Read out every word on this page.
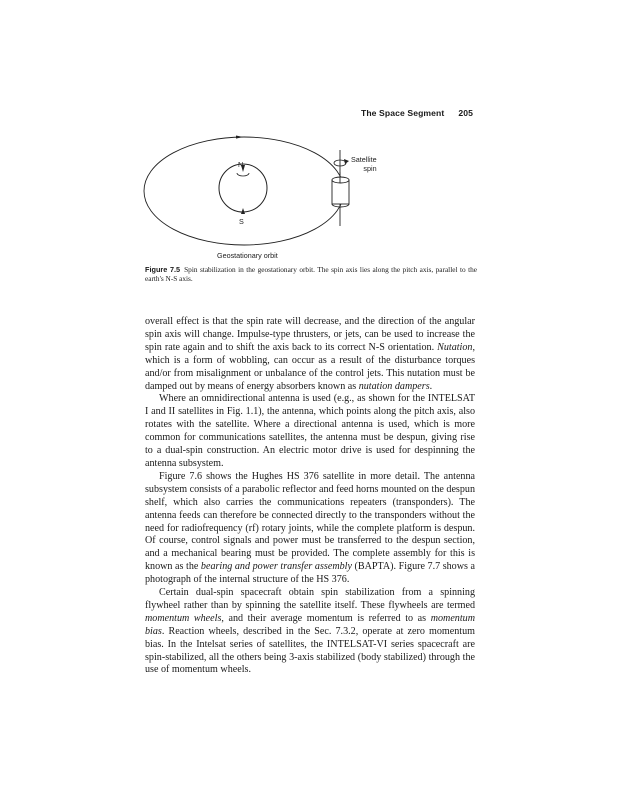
The Space Segment 205
N
S
Satellite
spin
Geostationary orbit
Figure 7.5 Spin stabilization in the geostationary orbit. The spin axis lies along the pitch axis, parallel to the earth's N-S axis.

overall effect is that the spin rate will decrease, and the direction of the angular spin axis will change. Impulse-type thrusters, or jets, can be used to increase the spin rate again and to shift the axis back to its correct N-S orientation. Nutation, which is a form of wobbling, can occur as a result of the disturbance torques and/or from misalignment or unbalance of the control jets. This nutation must be damped out by means of energy absorbers known as nutation dampers.

Where an omnidirectional antenna is used (e.g., as shown for the INTELSAT I and II satellites in Fig. 1.1), the antenna, which points along the pitch axis, also rotates with the satellite. Where a directional antenna is used, which is more common for communications satellites, the antenna must be despun, giving rise to a dual-spin construction. An electric motor drive is used for despinning the antenna subsystem.

Figure 7.6 shows the Hughes HS 376 satellite in more detail. The antenna subsystem consists of a parabolic reflector and feed horns mounted on the despun shelf, which also carries the communications repeaters (transponders). The antenna feeds can therefore be connected directly to the transponders without the need for radiofrequency (rf) rotary joints, while the complete platform is despun. Of course, control signals and power must be transferred to the despun section, and a mechanical bearing must be provided. The complete assembly for this is known as the bearing and power transfer assembly (BAPTA). Figure 7.7 shows a photograph of the internal structure of the HS 376.

Certain dual-spin spacecraft obtain spin stabilization from a spinning flywheel rather than by spinning the satellite itself. These flywheels are termed momentum wheels, and their average momentum is referred to as momentum bias. Reaction wheels, described in the Sec. 7.3.2, operate at zero momentum bias. In the Intelsat series of satellites, the INTELSAT-VI series spacecraft are spin-stabilized, all the others being 3-axis stabilized (body stabilized) through the use of momentum wheels.
